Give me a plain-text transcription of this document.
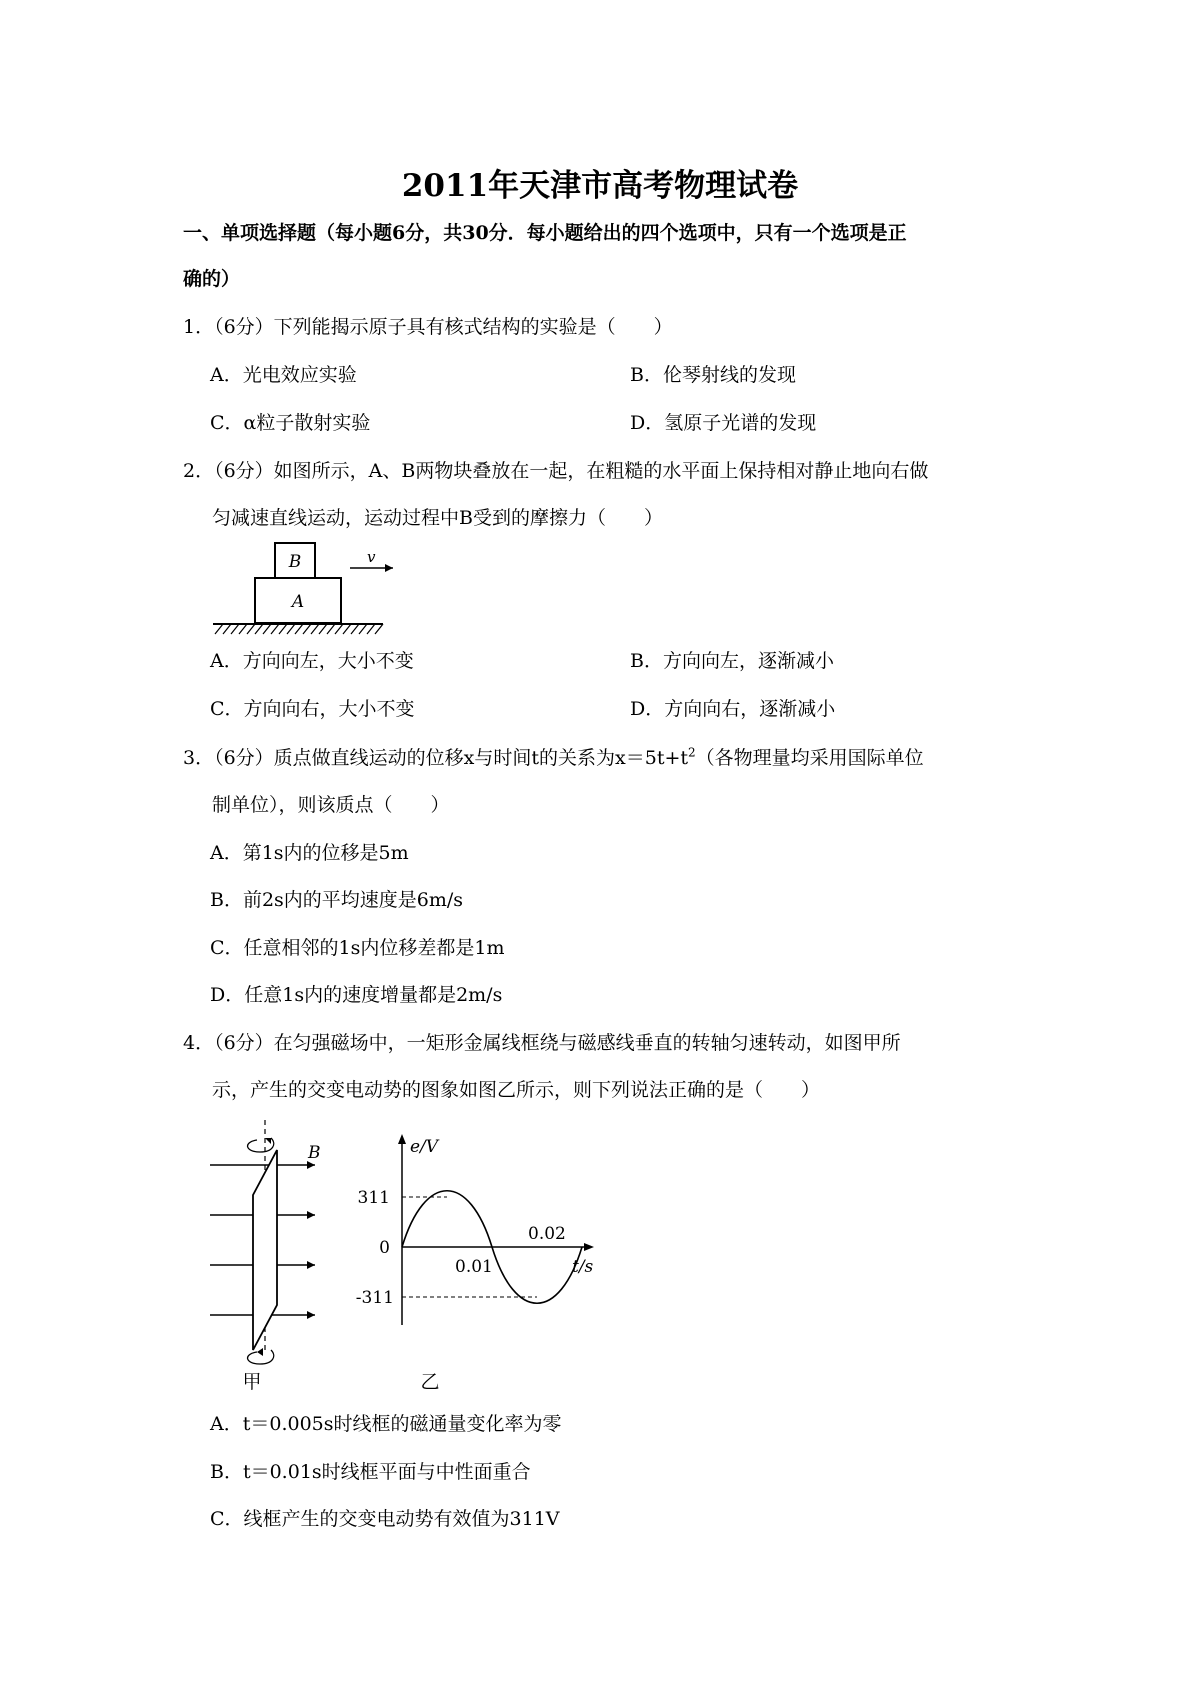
2011年天津市高考物理试卷
一、单项选择题（每小题6分，共30分．每小题给出的四个选项中，只有一个选项是正
确的）
1．（6分）下列能揭示原子具有核式结构的实验是（　　）
A．光电效应实验	B．伦琴射线的发现
C．α粒子散射实验	D．氢原子光谱的发现
2．（6分）如图所示，A、B两物块叠放在一起，在粗糙的水平面上保持相对静止地向右做
匀减速直线运动，运动过程中B受到的摩擦力（　　）
B
A
v
A．方向向左，大小不变	B．方向向左，逐渐减小
C．方向向右，大小不变	D．方向向右，逐渐减小
3．（6分）质点做直线运动的位移x与时间t的关系为$x=5t+t^2$（各物理量均采用国际单位
制单位），则该质点（　　）
A．第1s内的位移是5m
B．前2s内的平均速度是6m/s
C．任意相邻的1s内位移差都是1m
D．任意1s内的速度增量都是2m/s
4．（6分）在匀强磁场中，一矩形金属线框绕与磁感线垂直的转轴匀速转动，如图甲所
示，产生的交变电动势的图象如图乙所示，则下列说法正确的是（　　）
B
甲
e/V
t/s
311
0
-311
0.01
0.02
乙
A．t＝0.005s时线框的磁通量变化率为零
B．t＝0.01s时线框平面与中性面重合
C．线框产生的交变电动势有效值为311V
